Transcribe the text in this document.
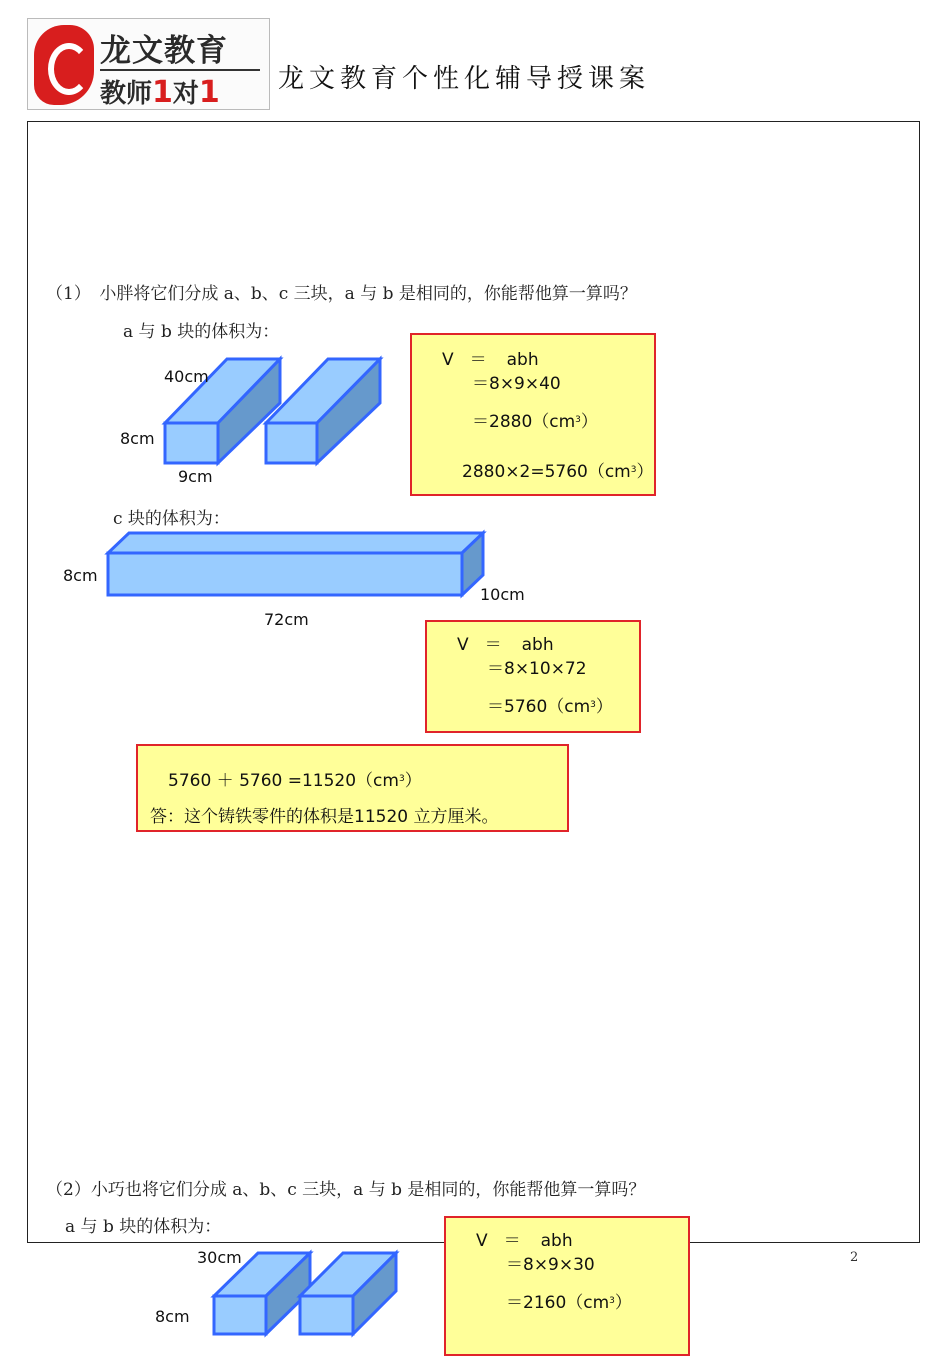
龙文教育
教师1对1 龙文教育个性化辅导授课案
2
（1）　小胖将它们分成 a、b、c 三块，a 与 b 是相同的，你能帮他算一算吗？
a 与 b 块的体积为：
40cm
8cm
9cm
V ＝ abh
＝8×9×40
$=2880(cm^3)$
$2880\times 2=5760(cm^3)$
c 块的体积为：
8cm
10cm
72cm
V ＝ abh
＝8×10×72
$=5760(cm^3)$
$5760 + 5760 =11520(cm^3)$
答：这个铸铁零件的体积是11520 立方厘米。
（2）小巧也将它们分成 a、b、c 三块，a 与 b 是相同的，你能帮他算一算吗？
a 与 b 块的体积为：
30cm
8cm
V ＝ abh
＝8×9×30
$=2160(cm^3)$
